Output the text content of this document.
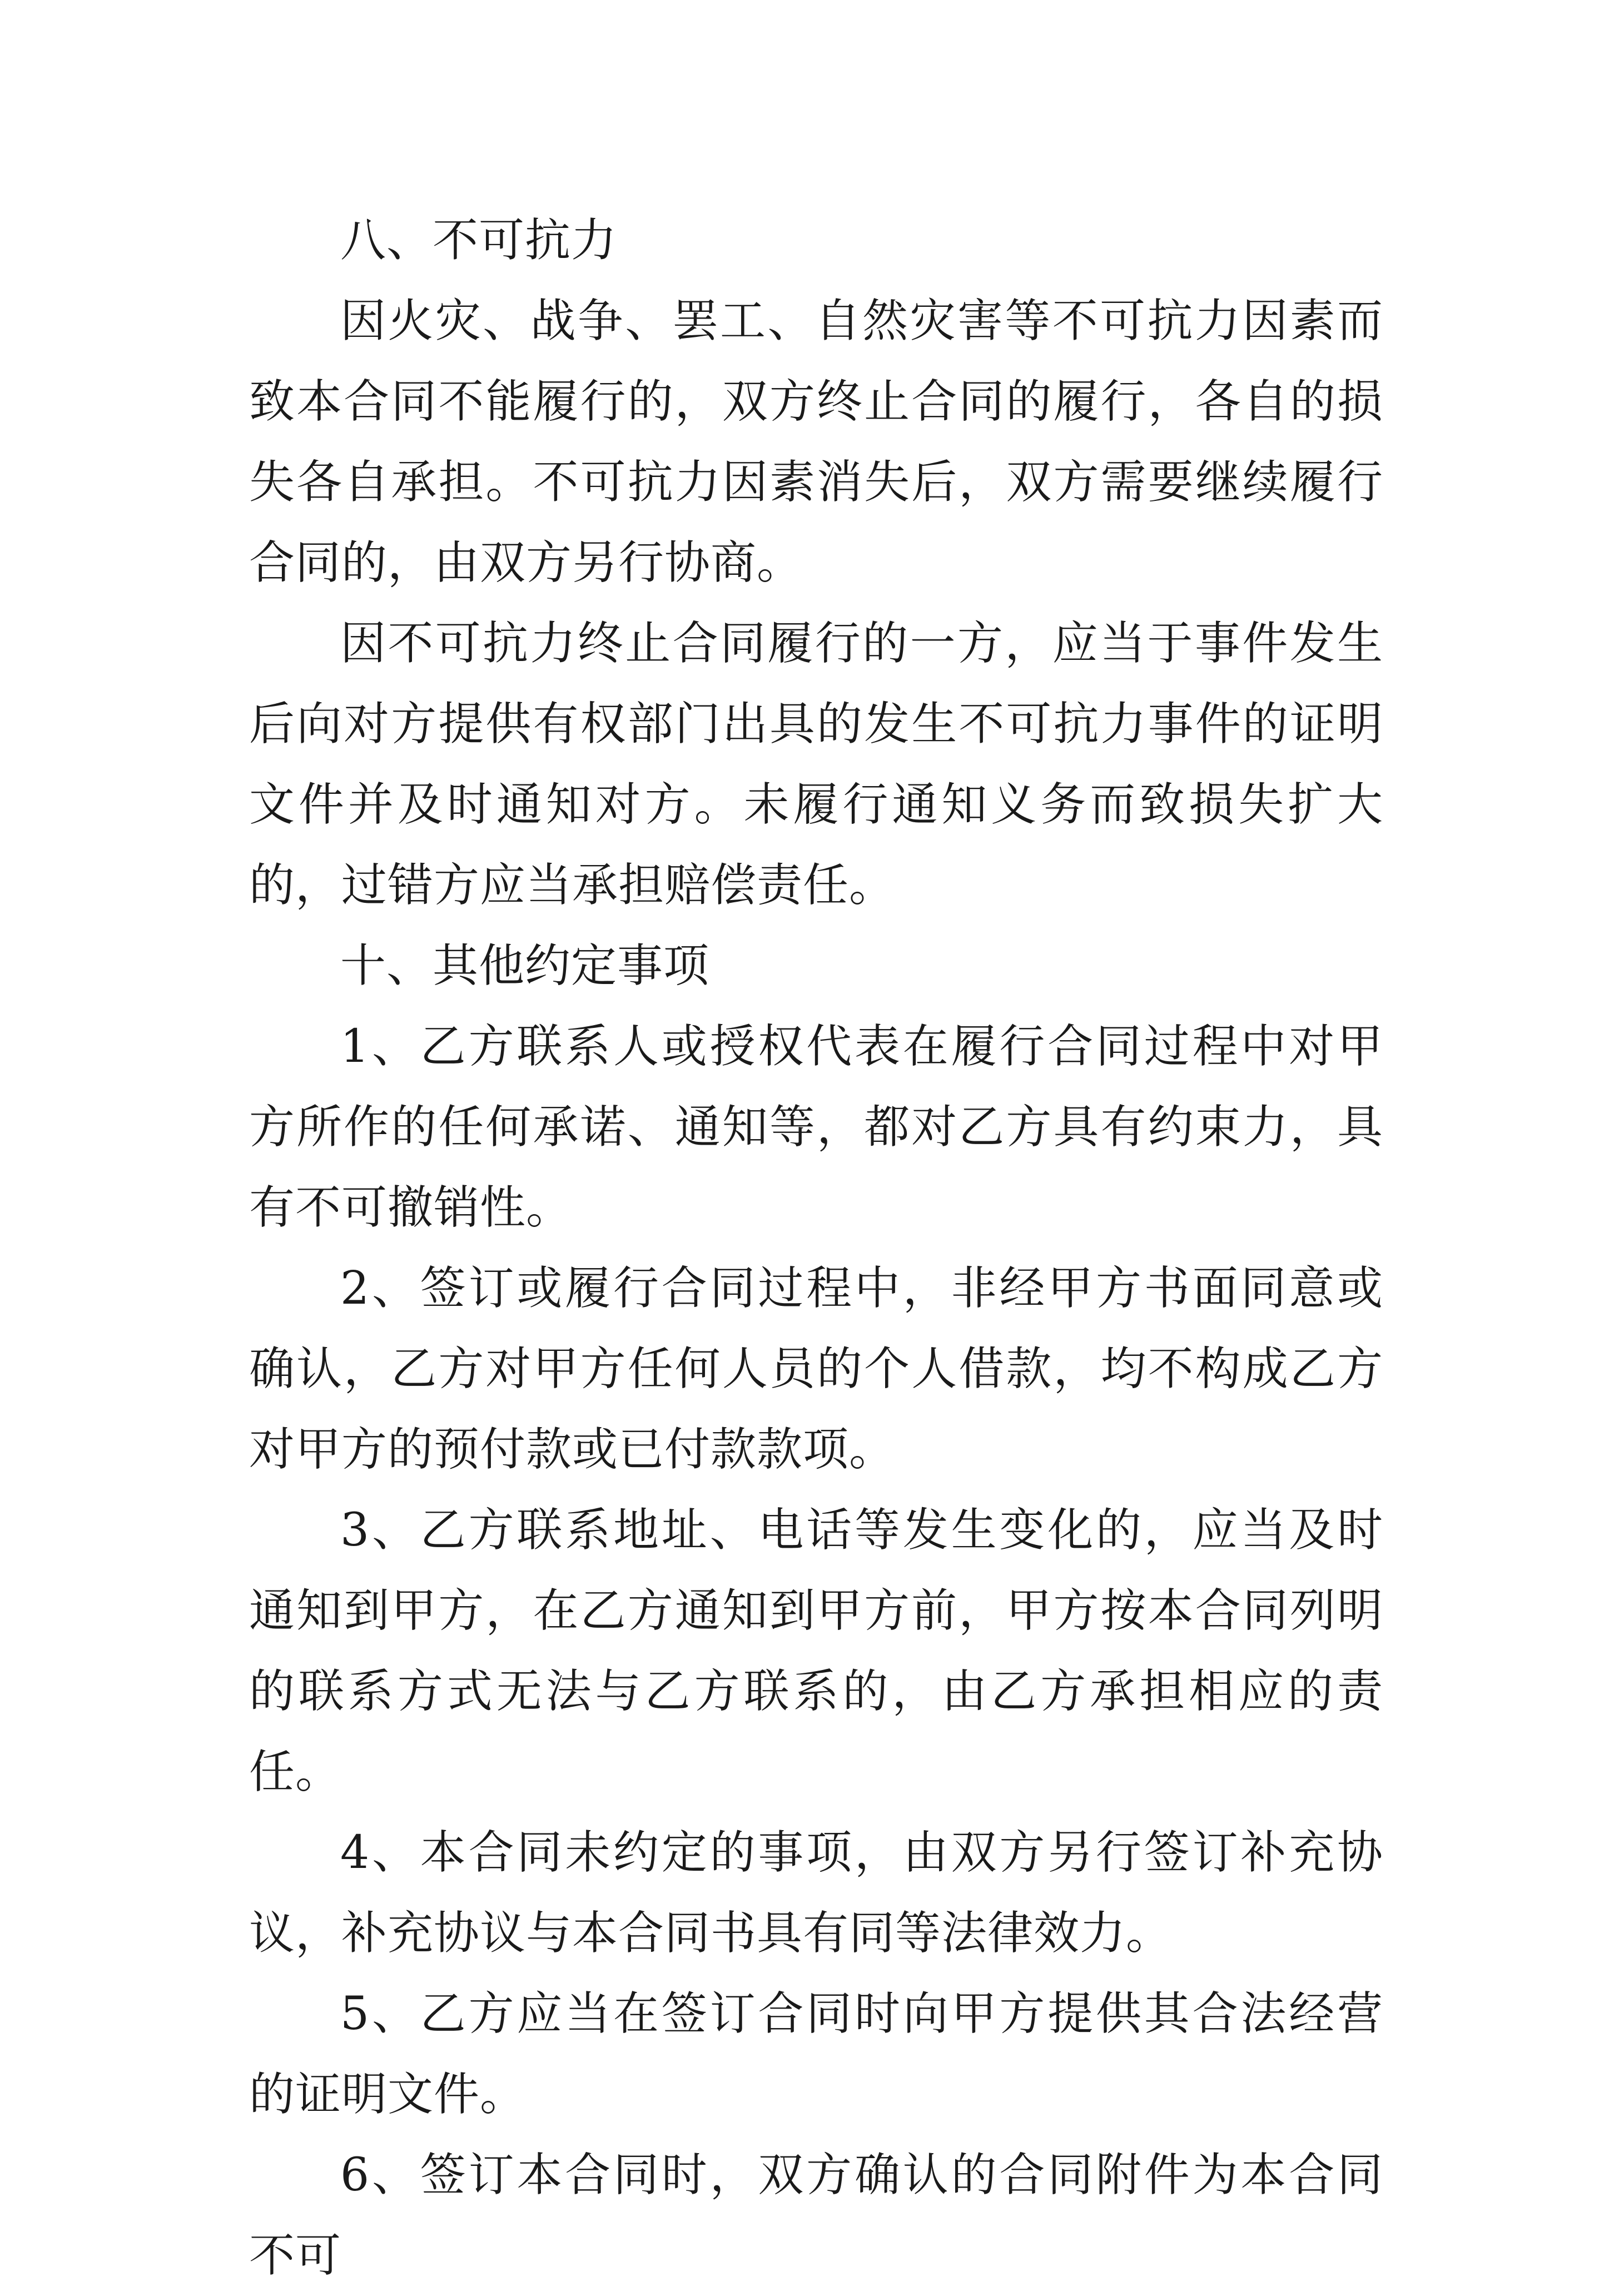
八、不可抗力

因火灾、战争、罢工、自然灾害等不可抗力因素而致本合同不能履行的，双方终止合同的履行，各自的损失各自承担。不可抗力因素消失后，双方需要继续履行合同的，由双方另行协商。

因不可抗力终止合同履行的一方，应当于事件发生后向对方提供有权部门出具的发生不可抗力事件的证明文件并及时通知对方。未履行通知义务而致损失扩大的，过错方应当承担赔偿责任。

十、其他约定事项

1、乙方联系人或授权代表在履行合同过程中对甲方所作的任何承诺、通知等，都对乙方具有约束力，具有不可撤销性。

2、签订或履行合同过程中，非经甲方书面同意或确认，乙方对甲方任何人员的个人借款，均不构成乙方对甲方的预付款或已付款款项。

3、乙方联系地址、电话等发生变化的，应当及时通知到甲方，在乙方通知到甲方前，甲方按本合同列明的联系方式无法与乙方联系的，由乙方承担相应的责任。

4、本合同未约定的事项，由双方另行签订补充协议，补充协议与本合同书具有同等法律效力。

5、乙方应当在签订合同时向甲方提供其合法经营的证明文件。

6、签订本合同时，双方确认的合同附件为本合同不可
